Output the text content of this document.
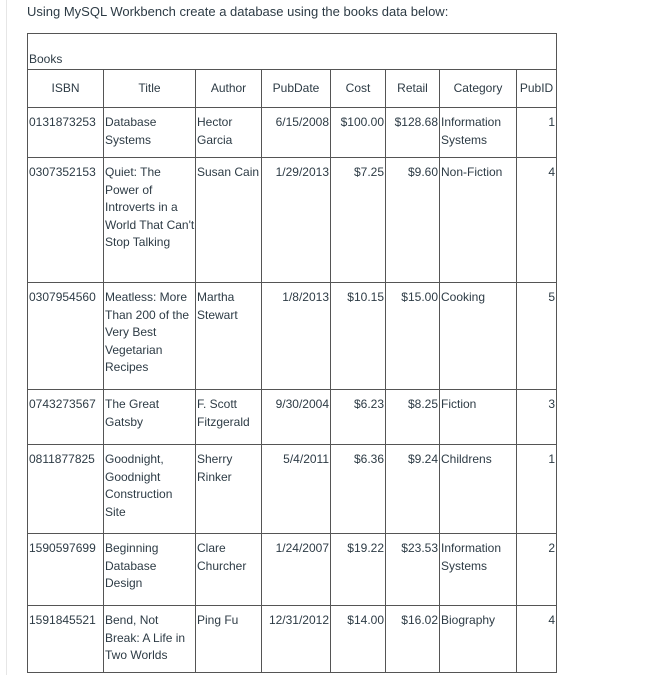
Using MySQL Workbench create a database using the books data below:
Books							
ISBN	Title	Author	PubDate	Cost	Retail	Category	PubID
0131873253	Database Systems	Hector Garcia	6/15/2008	$100.00	$128.68	Information Systems	1
0307352153	Quiet: The Power of Introverts in a World That Can't Stop Talking	Susan Cain	1/29/2013	$7.25	$9.60	Non-Fiction	4
0307954560	Meatless: More Than 200 of the Very Best Vegetarian Recipes	Martha Stewart	1/8/2013	$10.15	$15.00	Cooking	5
0743273567	The Great Gatsby	F. Scott Fitzgerald	9/30/2004	$6.23	$8.25	Fiction	3
0811877825	Goodnight, Goodnight Construction Site	Sherry Rinker	5/4/2011	$6.36	$9.24	Childrens	1
1590597699	Beginning Database Design	Clare Churcher	1/24/2007	$19.22	$23.53	Information Systems	2
1591845521	Bend, Not Break: A Life in Two Worlds	Ping Fu	12/31/2012	$14.00	$16.02	Biography	4
